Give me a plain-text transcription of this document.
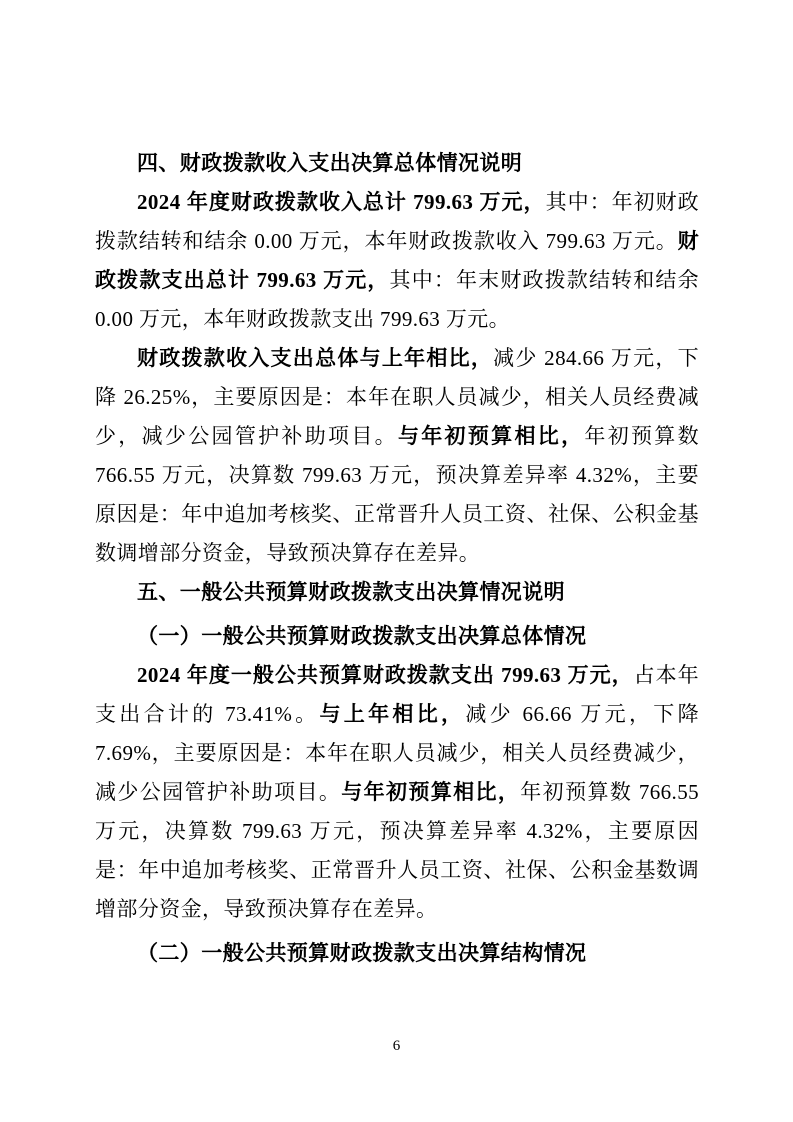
四、财政拨款收入支出决算总体情况说明

2024 年度财政拨款收入总计 799.63 万元，其中：年初财政拨款结转和结余 0.00 万元，本年财政拨款收入 799.63 万元。财政拨款支出总计 799.63 万元，其中：年末财政拨款结转和结余 0.00 万元，本年财政拨款支出 799.63 万元。

财政拨款收入支出总体与上年相比，减少 284.66 万元，下降 26.25%，主要原因是：本年在职人员减少，相关人员经费减少，减少公园管护补助项目。与年初预算相比，年初预算数 766.55 万元，决算数 799.63 万元，预决算差异率 4.32%，主要原因是：年中追加考核奖、正常晋升人员工资、社保、公积金基数调增部分资金，导致预决算存在差异。

五、一般公共预算财政拨款支出决算情况说明
（一）一般公共预算财政拨款支出决算总体情况

2024 年度一般公共预算财政拨款支出 799.63 万元，占本年支出合计的 73.41%。与上年相比，减少 66.66 万元，下降 7.69%，主要原因是：本年在职人员减少，相关人员经费减少，减少公园管护补助项目。与年初预算相比，年初预算数 766.55 万元，决算数 799.63 万元，预决算差异率 4.32%，主要原因是：年中追加考核奖、正常晋升人员工资、社保、公积金基数调增部分资金，导致预决算存在差异。

（二）一般公共预算财政拨款支出决算结构情况
6
